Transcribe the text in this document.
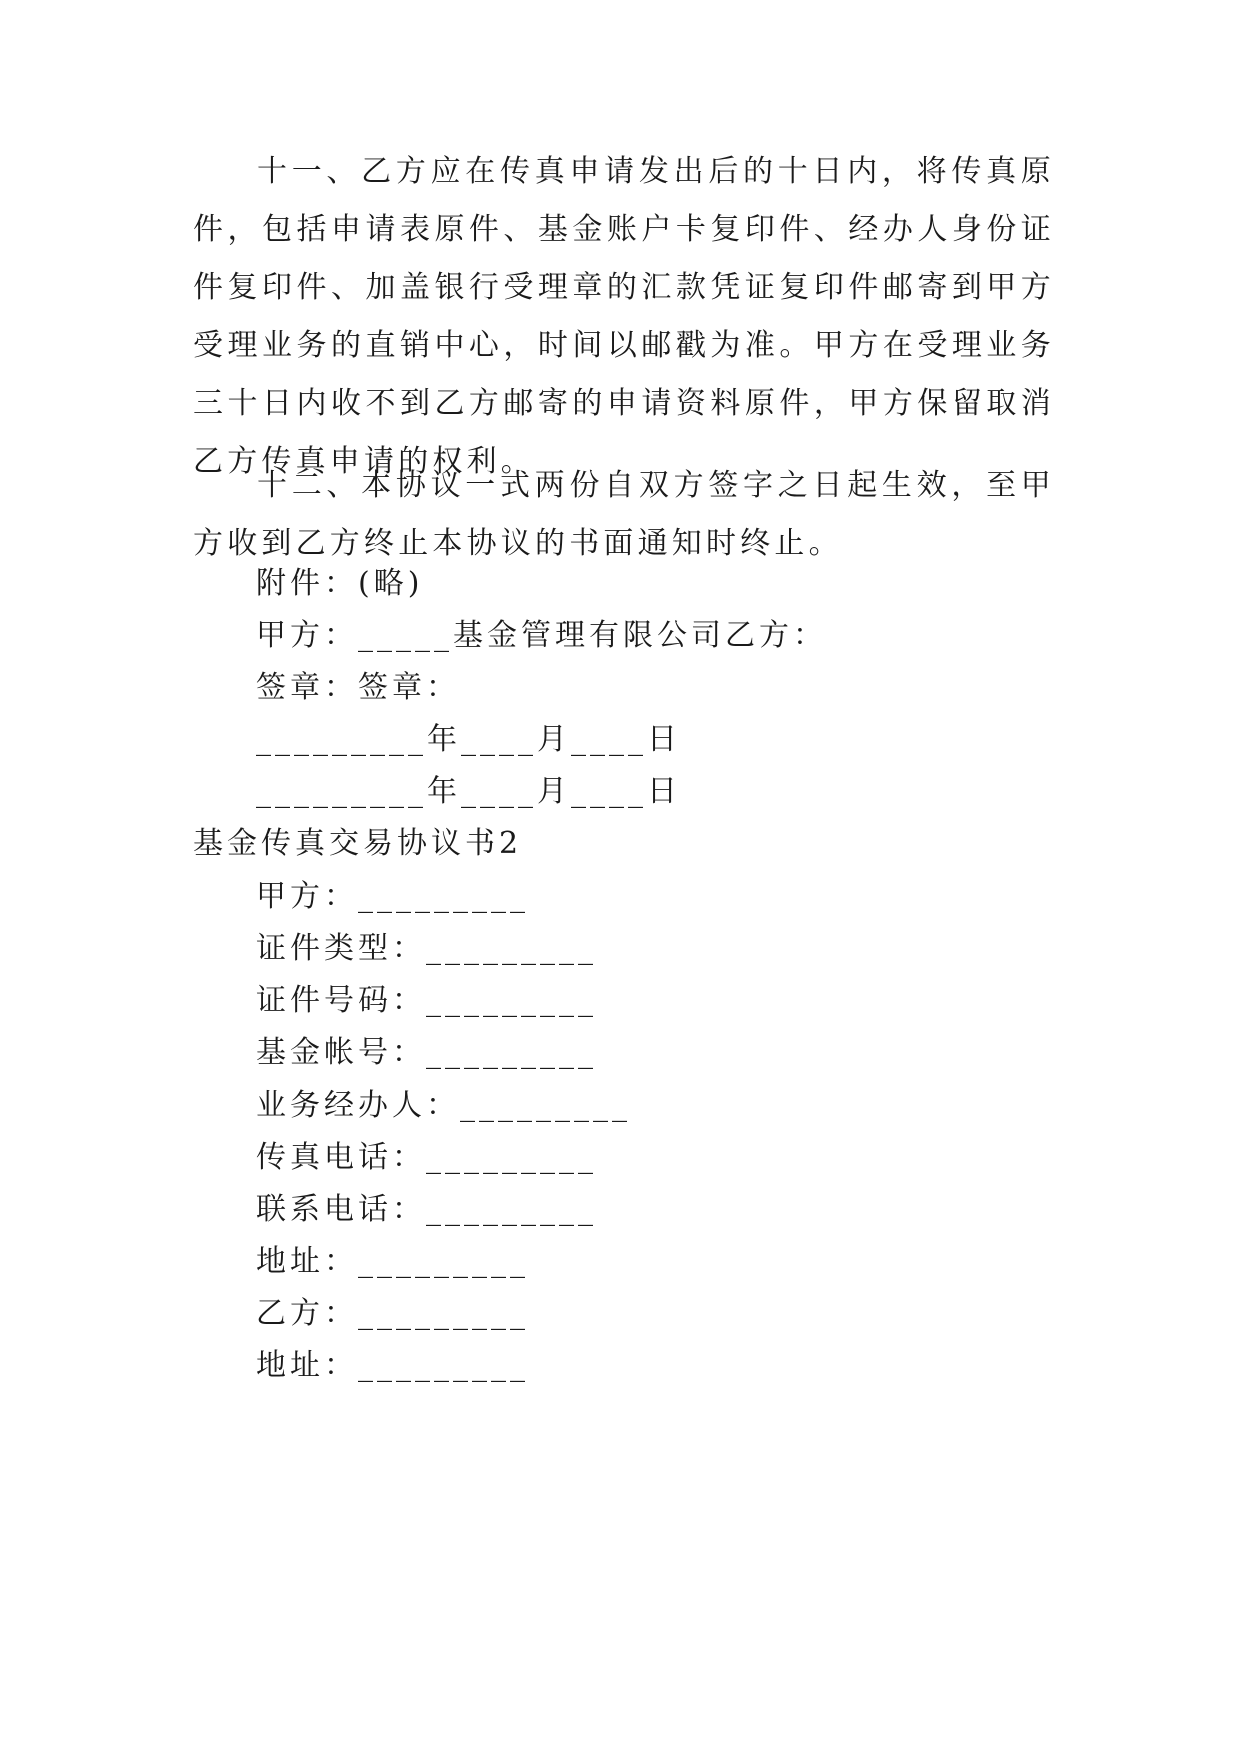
十一、乙方应在传真申请发出后的十日内，将传真原件，包括申请表原件、基金账户卡复印件、经办人身份证件复印件、加盖银行受理章的汇款凭证复印件邮寄到甲方受理业务的直销中心，时间以邮戳为准。甲方在受理业务三十日内收不到乙方邮寄的申请资料原件，甲方保留取消乙方传真申请的权利。

十二、本协议一式两份自双方签字之日起生效，至甲方收到乙方终止本协议的书面通知时终止。

附件：(略)

甲方：_____基金管理有限公司乙方：

签章：签章：

_________年____月____日

_________年____月____日

基金传真交易协议书2

甲方：_________

证件类型：_________

证件号码：_________

基金帐号：_________

业务经办人：_________

传真电话：_________

联系电话：_________

地址：_________

乙方：_________

地址：_________
